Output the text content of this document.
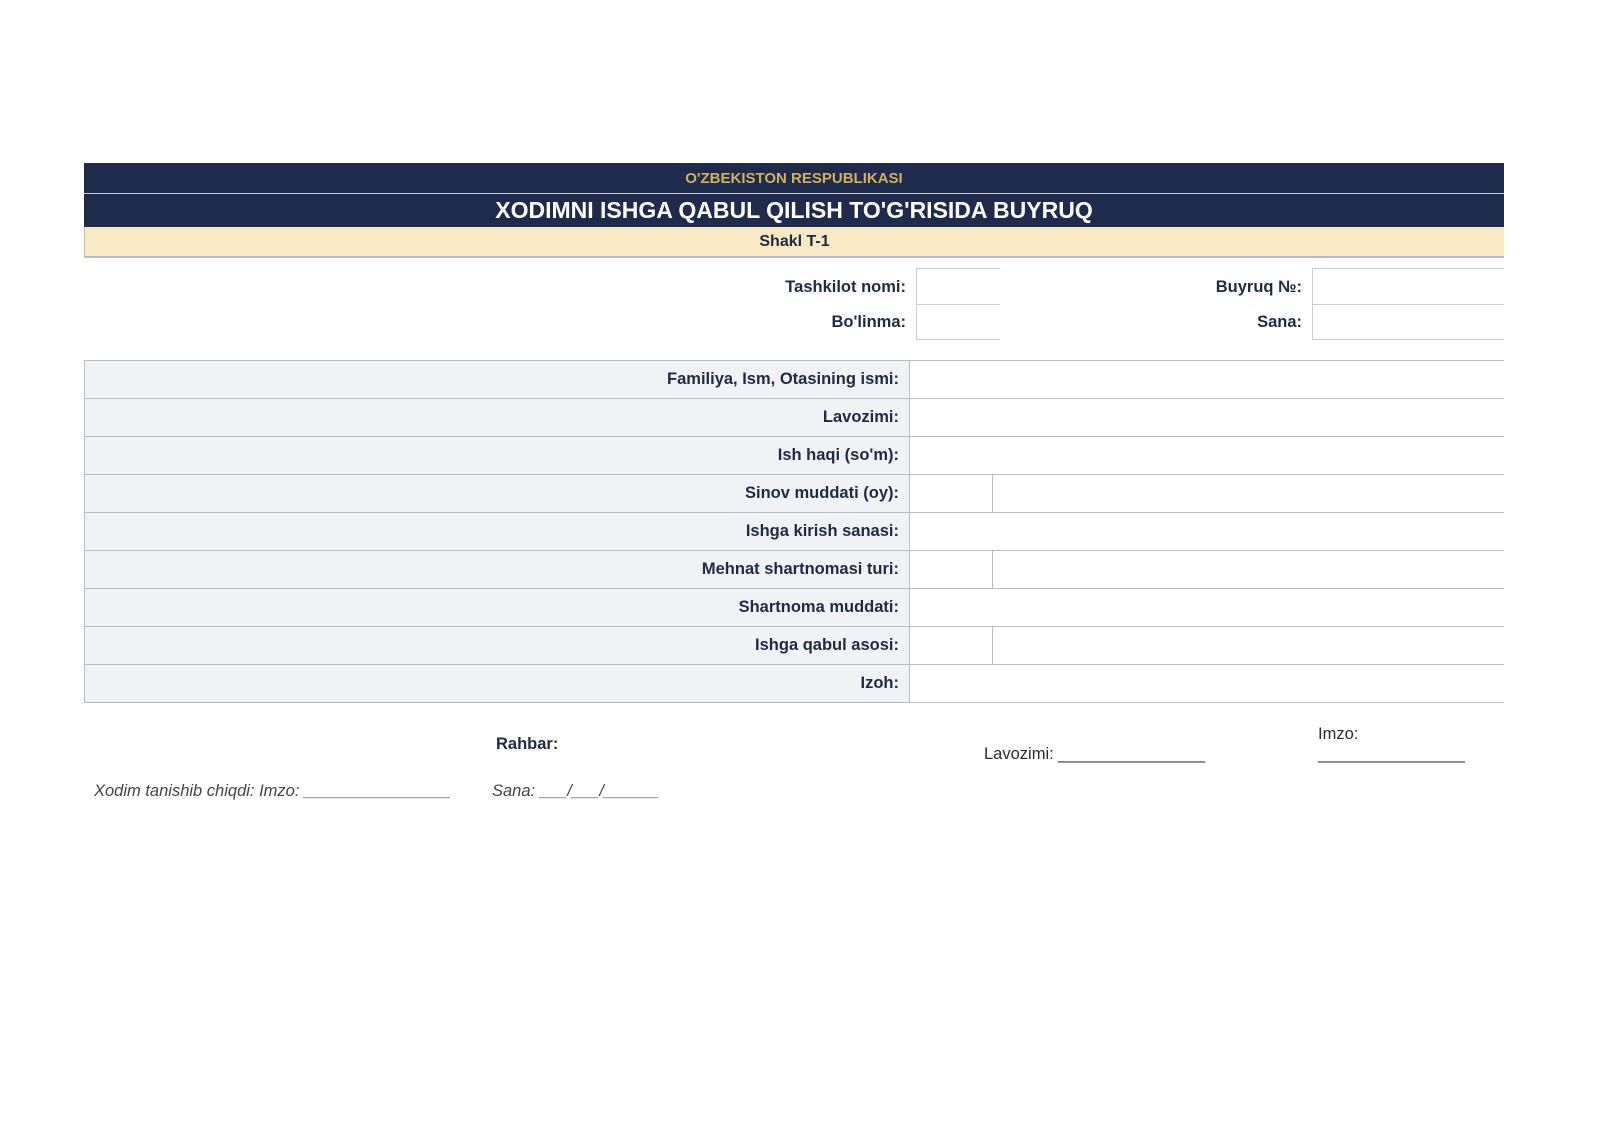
O'ZBEKISTON RESPUBLIKASI
XODIMNI ISHGA QABUL QILISH TO'G'RISIDA BUYRUQ
Shakl T-1
Tashkilot nomi:
Bo'linma:
Buyruq №:
Sana:
Familiya, Ism, Otasining ismi:
Lavozimi:
Ish haqi (so'm):
Sinov muddati (oy):
Ishga kirish sanasi:
Mehnat shartnomasi turi:
Shartnoma muddati:
Ishga qabul asosi:
Izoh:
Rahbar:
Lavozimi: ________________
Imzo:
________________
Xodim tanishib chiqdi: Imzo: ________________ Sana: ___/___/______
